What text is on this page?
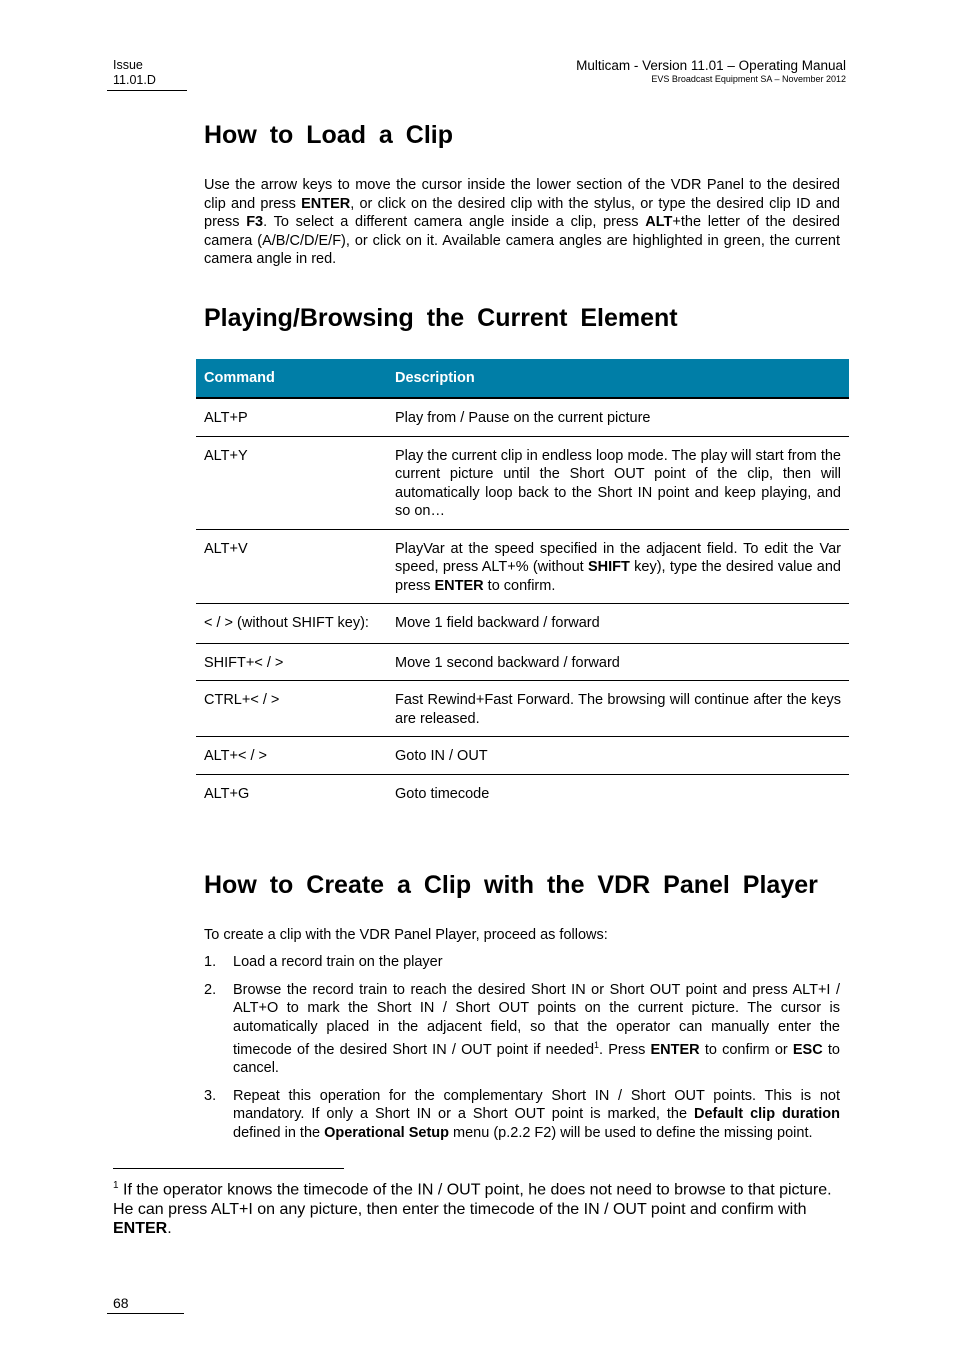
Issue
11.01.D
Multicam - Version 11.01 – Operating Manual
EVS Broadcast Equipment SA – November 2012
How to Load a Clip

Use the arrow keys to move the cursor inside the lower section of the VDR Panel to the desired clip and press ENTER, or click on the desired clip with the stylus, or type the desired clip ID and press F3. To select a different camera angle inside a clip, press ALT+the letter of the desired camera (A/B/C/D/E/F), or click on it. Available camera angles are highlighted in green, the current camera angle in red.

Playing/Browsing the Current Element
Command	Description
ALT+P	Play from / Pause on the current picture
ALT+Y	Play the current clip in endless loop mode. The play will start from the current picture until the Short OUT point of the clip, then will automatically loop back to the Short IN point and keep playing, and so on…
ALT+V	PlayVar at the speed specified in the adjacent field. To edit the Var speed, press ALT+% (without SHIFT key), type the desired value and press ENTER to confirm.
< / > (without SHIFT key):	Move 1 field backward / forward
SHIFT+< / >	Move 1 second backward / forward
CTRL+< / >	Fast Rewind+Fast Forward. The browsing will continue after the keys are released.
ALT+< / >	Goto IN / OUT
ALT+G	Goto timecode
How to Create a Clip with the VDR Panel Player

To create a clip with the VDR Panel Player, proceed as follows:

1. Load a record train on the player
2. Browse the record train to reach the desired Short IN or Short OUT point and press ALT+I / ALT+O to mark the Short IN / Short OUT points on the current picture. The cursor is automatically placed in the adjacent field, so that the operator can manually enter the timecode of the desired Short IN / OUT point if needed$^1$. Press ENTER to confirm or ESC to cancel.
3. Repeat this operation for the complementary Short IN / Short OUT points. This is not mandatory. If only a Short IN or a Short OUT point is marked, the Default clip duration defined in the Operational Setup menu (p.2.2 F2) will be used to define the missing point.
$^1$ If the operator knows the timecode of the IN / OUT point, he does not need to browse to that picture. He can press ALT+I on any picture, then enter the timecode of the IN / OUT point and confirm with ENTER.
68
